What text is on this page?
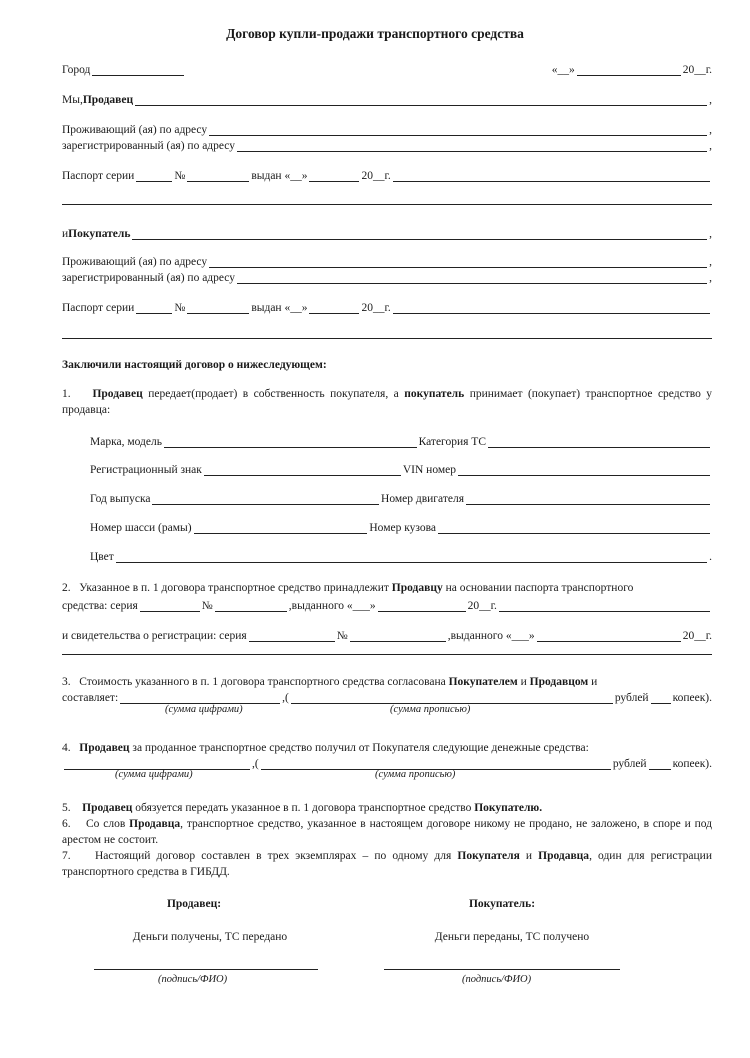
Договор купли-продажи транспортного средства
Город	«__»	20__г.
Мы, Продавец	,
Проживающий (ая) по адресу	,
зарегистрированный (ая) по адресу	,
Паспорт серии	№	выдан «__»	20__г.
и Покупатель	,
Проживающий (ая) по адресу	,
зарегистрированный (ая) по адресу	,
Паспорт серии	№	выдан «__»	20__г.
Заключили настоящий договор о нижеследующем:
1. Продавец передает(продает) в собственность покупателя, а покупатель принимает (покупает) транспортное средство у продавца:
Марка, модель	Категория ТС
Регистрационный знак	VIN номер
Год выпуска	Номер двигателя
Номер шасси (рамы)	Номер кузова
Цвет	.
2.
Указанное в п. 1 договора транспортное средство принадлежит
Продавцу
на основании паспорта транспортного
средства: серия	№	,выданного «___»	20__г.
и свидетельства о регистрации: серия	№	,выданного «___»	20__г.
3.
Стоимость указанного в п. 1 договора транспортного средства согласована
Покупателем
и
Продавцом
и
составляет:	,(	рублей копеек).
(сумма цифрами)	(сумма прописью)
4.
Продавец
за проданное транспортное средство получил от Покупателя следующие денежные средства:
,(	рублей копеек).
(сумма цифрами)	(сумма прописью)
5. Продавец обязуется передать указанное в п. 1 договора транспортное средство Покупателю.
6. Со слов Продавца, транспортное средство, указанное в настоящем договоре никому не продано, не заложено, в споре и под арестом не состоит.
7. Настоящий договор составлен в трех экземплярах – по одному для Покупателя и Продавца, один для регистрации транспортного средства в ГИБДД.
Продавец:	Покупатель:
Деньги получены, ТС передано	Деньги переданы, ТС получено
(подпись/ФИО)	(подпись/ФИО)
